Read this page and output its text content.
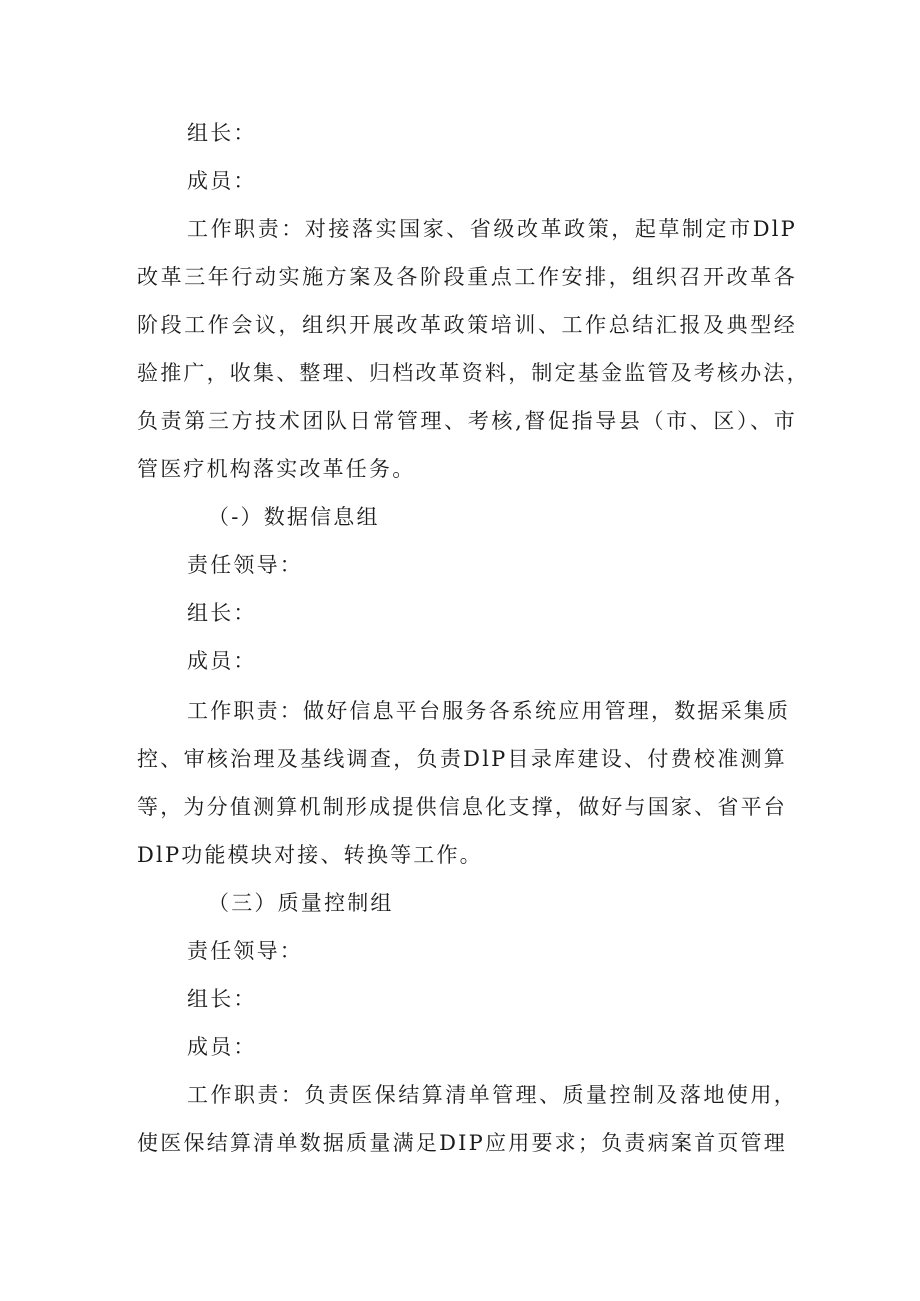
组长：
成员：
工作职责：对接落实国家、省级改革政策，起草制定市DlP
改革三年行动实施方案及各阶段重点工作安排，组织召开改革各
阶段工作会议，组织开展改革政策培训、工作总结汇报及典型经
验推广，收集、整理、归档改革资料，制定基金监管及考核办法，
负责第三方技术团队日常管理、考核,督促指导县（市、区）、市
管医疗机构落实改革任务。
（-）数据信息组
责任领导：
组长：
成员：
工作职责：做好信息平台服务各系统应用管理，数据采集质
控、审核治理及基线调查，负责DlP目录库建设、付费校准测算
等，为分值测算机制形成提供信息化支撑，做好与国家、省平台
DlP功能模块对接、转换等工作。
（三）质量控制组
责任领导：
组长：
成员：
工作职责：负责医保结算清单管理、质量控制及落地使用，
使医保结算清单数据质量满足DIP应用要求；负责病案首页管理
